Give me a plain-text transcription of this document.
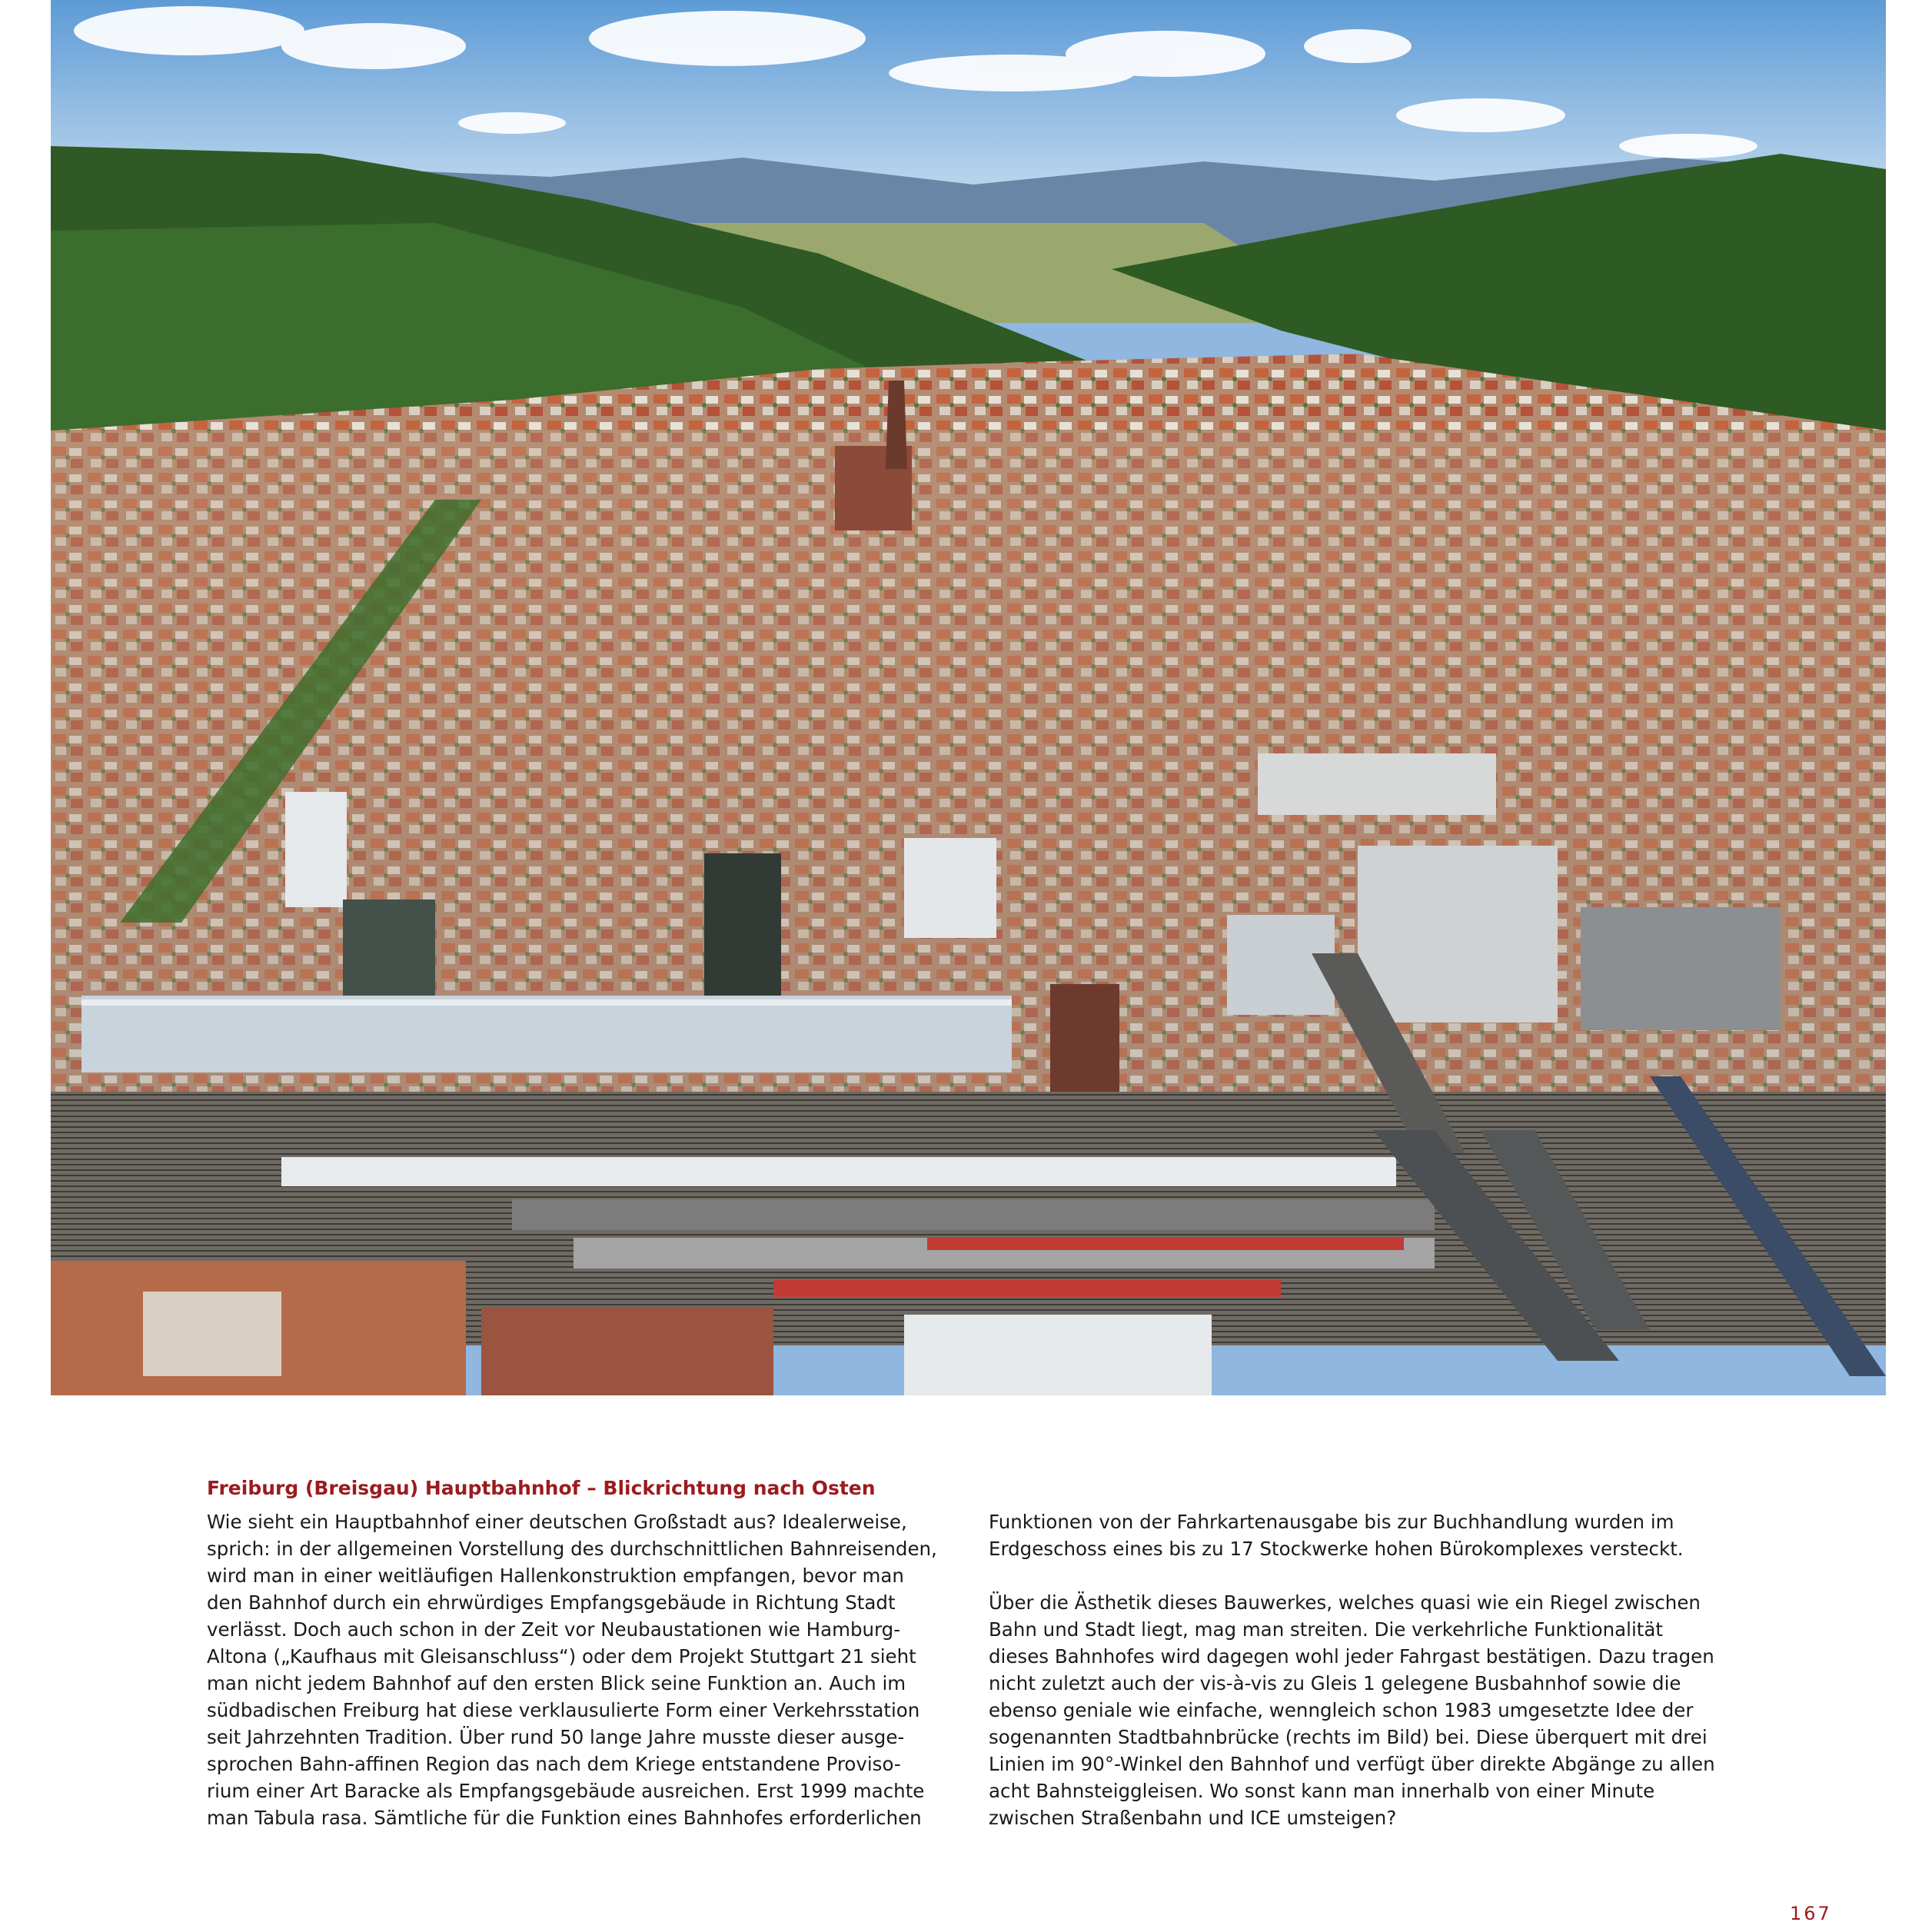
Freiburg (Breisgau) Hauptbahnhof – Blickrichtung nach Osten

Wie sieht ein Hauptbahnhof einer deutschen Großstadt aus? Idealerweise,
sprich: in der allgemeinen Vorstellung des durchschnittlichen Bahnreisenden,
wird man in einer weitläufigen Hallenkonstruktion empfangen, bevor man
den Bahnhof durch ein ehrwürdiges Empfangsgebäude in Richtung Stadt
verlässt. Doch auch schon in der Zeit vor Neubaustationen wie Hamburg-
Altona („Kaufhaus mit Gleisanschluss“) oder dem Projekt Stuttgart 21 sieht
man nicht jedem Bahnhof auf den ersten Blick seine Funktion an. Auch im
südbadischen Freiburg hat diese verklausulierte Form einer Verkehrsstation
seit Jahrzehnten Tradition. Über rund 50 lange Jahre musste dieser ausge-
sprochen Bahn-affinen Region das nach dem Kriege entstandene Proviso-
rium einer Art Baracke als Empfangsgebäude ausreichen. Erst 1999 machte
man Tabula rasa. Sämtliche für die Funktion eines Bahnhofes erforderlichen

Funktionen von der Fahrkartenausgabe bis zur Buchhandlung wurden im
Erdgeschoss eines bis zu 17 Stockwerke hohen Bürokomplexes versteckt.

Über die Ästhetik dieses Bauwerkes, welches quasi wie ein Riegel zwischen
Bahn und Stadt liegt, mag man streiten. Die verkehrliche Funktionalität
dieses Bahnhofes wird dagegen wohl jeder Fahrgast bestätigen. Dazu tragen
nicht zuletzt auch der vis-à-vis zu Gleis 1 gelegene Busbahnhof sowie die
ebenso geniale wie einfache, wenngleich schon 1983 umgesetzte Idee der
sogenannten Stadtbahnbrücke (rechts im Bild) bei. Diese überquert mit drei
Linien im 90°-Winkel den Bahnhof und verfügt über direkte Abgänge zu allen
acht Bahnsteiggleisen. Wo sonst kann man innerhalb von einer Minute
zwischen Straßenbahn und ICE umsteigen?

167
